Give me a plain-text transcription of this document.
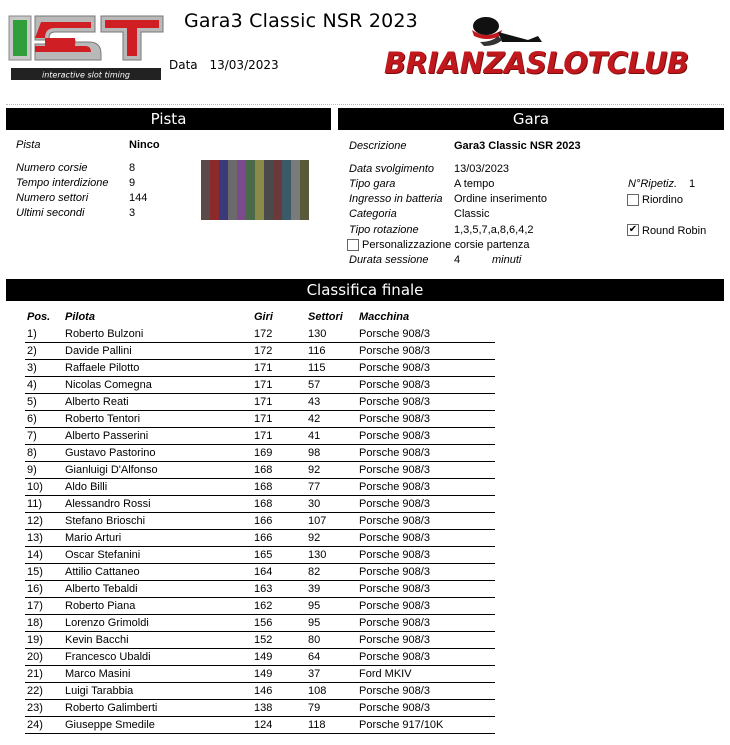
interactive slot timing
Gara3 Classic NSR 2023
Data 13/03/2023	BRIANZASLOTCLUB
Pista
Pista	Ninco
Numero corsie	8
Tempo interdizione 9
Numero settori	144
Ultimi secondi	3
Gara
Descrizione	Gara3 Classic NSR 2023
Data svolgimento 13/03/2023
Tipo gara	A tempo
Ingresso in batteria Ordine inserimento
Categoria	Classic
Tipo rotazione	1,3,5,7,a,8,6,4,2
Personalizzazione corsie partenza
Durata sessione 4	minuti
N°Ripetiz. 1
Riordino
✔
Round Robin
Classifica finale
Pos. Pilota	Giri	Settori Macchina
1)	Roberto Bulzoni	172	130	Porsche 908/3
2)	Davide Pallini	172	116	Porsche 908/3
3)	Raffaele Pilotto	171	115	Porsche 908/3
4)	Nicolas Comegna	171	57	Porsche 908/3
5)	Alberto Reati	171	43	Porsche 908/3
6)	Roberto Tentori	171	42	Porsche 908/3
7)	Alberto Passerini	171	41	Porsche 908/3
8)	Gustavo Pastorino	169	98	Porsche 908/3
9)	Gianluigi D'Alfonso	168	92	Porsche 908/3
10) Aldo Billi	168	77	Porsche 908/3
11) Alessandro Rossi	168	30	Porsche 908/3
12) Stefano Brioschi	166	107	Porsche 908/3
13) Mario Arturi	166	92	Porsche 908/3
14) Oscar Stefanini	165	130	Porsche 908/3
15) Attilio Cattaneo	164	82	Porsche 908/3
16) Alberto Tebaldi	163	39	Porsche 908/3
17) Roberto Piana	162	95	Porsche 908/3
18) Lorenzo Grimoldi	156	95	Porsche 908/3
19) Kevin Bacchi	152	80	Porsche 908/3
20) Francesco Ubaldi	149	64	Porsche 908/3
21) Marco Masini	149	37	Ford MKIV
22) Luigi Tarabbia	146	108	Porsche 908/3
23) Roberto Galimberti	138	79	Porsche 908/3
24) Giuseppe Smedile	124	118	Porsche 917/10K
